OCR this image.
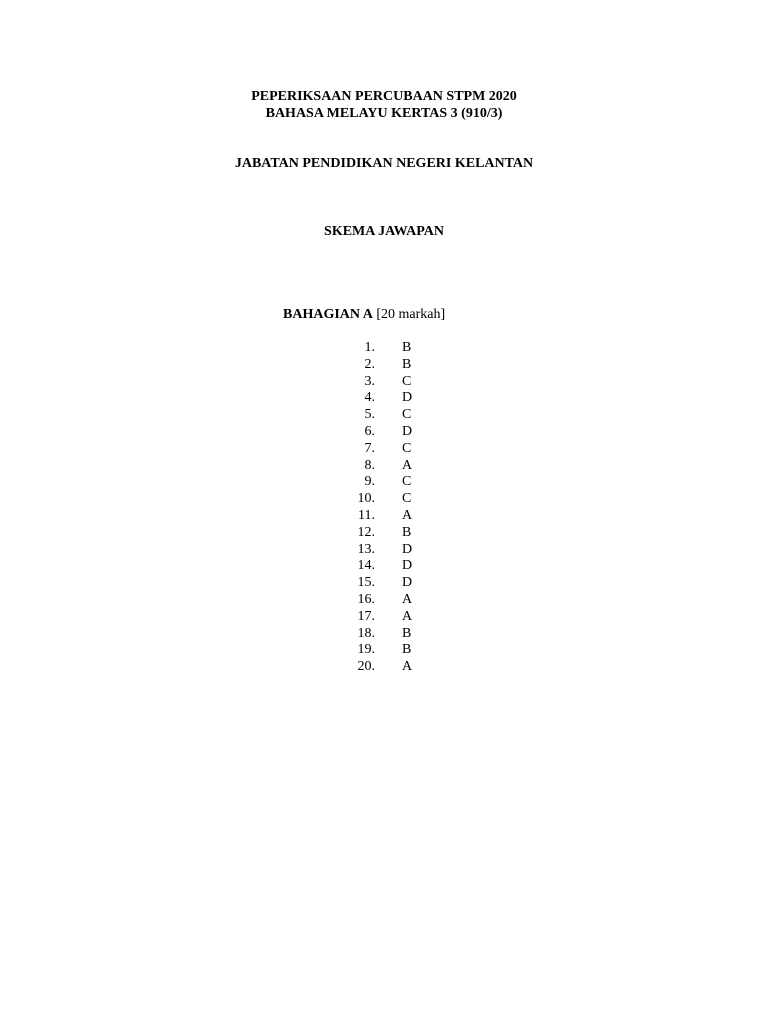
PEPERIKSAAN PERCUBAAN STPM 2020
BAHASA MELAYU KERTAS 3 (910/3)
JABATAN PENDIDIKAN NEGERI KELANTAN
SKEMA JAWAPAN
BAHAGIAN A [20 markah]
1. B
2. B
3. C
4. D
5. C
6. D
7. C
8. A
9. C
10. C
11. A
12. B
13. D
14. D
15. D
16. A
17. A
18. B
19. B
20. A
